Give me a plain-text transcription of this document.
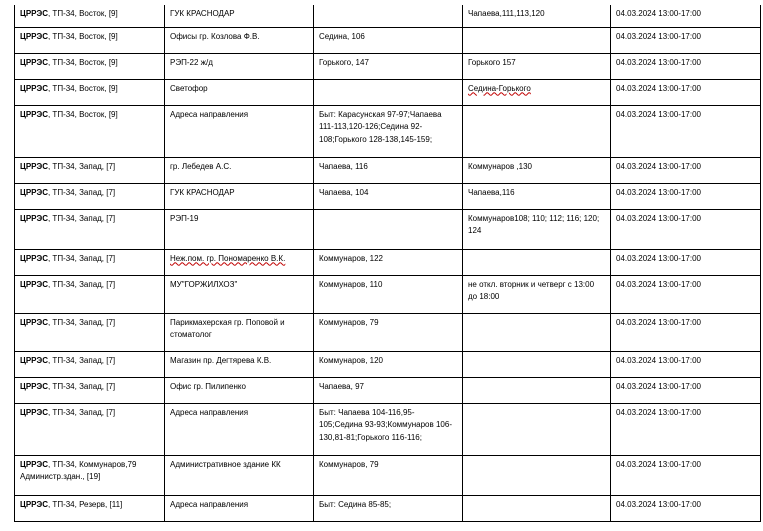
ЦРРЭС, ТП-34, Восток, [9]	ГУК КРАСНОДАР		Чапаева,111,113,120	04.03.2024 13:00-17:00
ЦРРЭС, ТП-34, Восток, [9]	Офисы гр. Козлова Ф.В.	Седина, 106		04.03.2024 13:00-17:00
ЦРРЭС, ТП-34, Восток, [9]	РЭП-22 ж/д	Горького, 147	Горького 157	04.03.2024 13:00-17:00
ЦРРЭС, ТП-34, Восток, [9]	Светофор		Седина-Горького	04.03.2024 13:00-17:00
ЦРРЭС, ТП-34, Восток, [9]	Адреса направления	Быт: Карасунская 97-97;Чапаева 111-113,120-126;Седина 92-108;Горького 128-138,145-159;		04.03.2024 13:00-17:00
ЦРРЭС, ТП-34, Запад, [7]	гр. Лебедев А.С.	Чапаева, 116	Коммунаров ,130	04.03.2024 13:00-17:00
ЦРРЭС, ТП-34, Запад, [7]	ГУК КРАСНОДАР	Чапаева, 104	Чапаева,116	04.03.2024 13:00-17:00
ЦРРЭС, ТП-34, Запад, [7]	РЭП-19		Коммунаров108; 110; 112; 116; 120; 124	04.03.2024 13:00-17:00
ЦРРЭС, ТП-34, Запад, [7]	Неж.пом. гр. Пономаренко В.К.	Коммунаров, 122		04.03.2024 13:00-17:00
ЦРРЭС, ТП-34, Запад, [7]	МУ"ГОРЖИЛХОЗ"	Коммунаров, 110	не откл. вторник и четверг с 13:00 до 18:00	04.03.2024 13:00-17:00
ЦРРЭС, ТП-34, Запад, [7]	Парикмахерская гр. Поповой и стоматолог	Коммунаров, 79		04.03.2024 13:00-17:00
ЦРРЭС, ТП-34, Запад, [7]	Магазин пр. Дегтярева К.В.	Коммунаров, 120		04.03.2024 13:00-17:00
ЦРРЭС, ТП-34, Запад, [7]	Офис гр. Пилипенко	Чапаева, 97		04.03.2024 13:00-17:00
ЦРРЭС, ТП-34, Запад, [7]	Адреса направления	Быт: Чапаева 104-116,95-105;Седина 93-93;Коммунаров 106-130,81-81;Горького 116-116;		04.03.2024 13:00-17:00
ЦРРЭС, ТП-34, Коммунаров,79 Администр.здан., [19]	Административное здание КК	Коммунаров, 79		04.03.2024 13:00-17:00
ЦРРЭС, ТП-34, Резерв, [11]	Адреса направления	Быт: Седина 85-85;		04.03.2024 13:00-17:00
